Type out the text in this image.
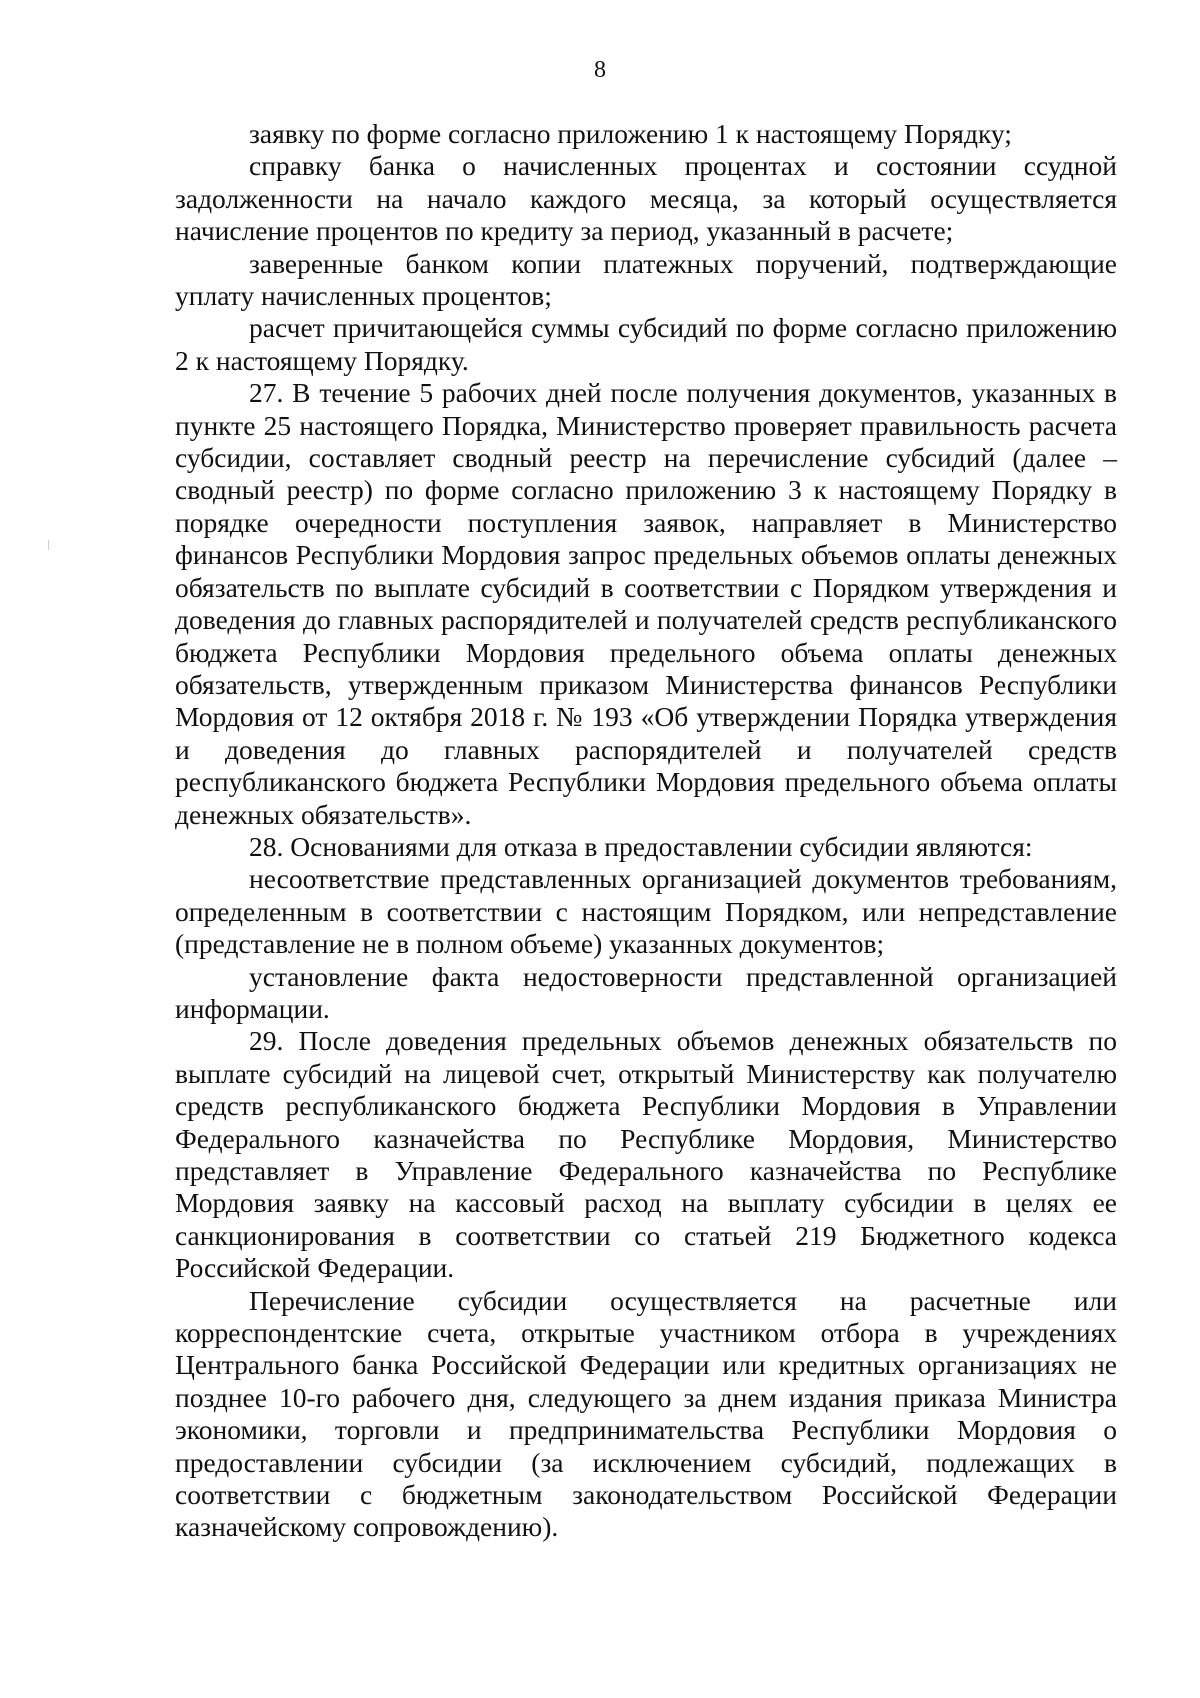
8

заявку по форме согласно приложению 1 к настоящему Порядку;

справку банка о начисленных процентах и состоянии ссудной задолженности на начало каждого месяца, за который осуществляется начисление процентов по кредиту за период, указанный в расчете;

заверенные банком копии платежных поручений, подтверждающие уплату начисленных процентов;

расчет причитающейся суммы субсидий по форме согласно приложению 2 к настоящему Порядку.

27. В течение 5 рабочих дней после получения документов, указанных в пункте 25 настоящего Порядка, Министерство проверяет правильность расчета субсидии, составляет сводный реестр на перечисление субсидий (далее – сводный реестр) по форме согласно приложению 3 к настоящему Порядку в порядке очередности поступления заявок, направляет в Министерство финансов Республики Мордовия запрос предельных объемов оплаты денежных обязательств по выплате субсидий в соответствии с Порядком утверждения и доведения до главных распорядителей и получателей средств республиканского бюджета Республики Мордовия предельного объема оплаты денежных обязательств, утвержденным приказом Министерства финансов Республики Мордовия от 12 октября 2018 г. № 193 «Об утверждении Порядка утверждения и доведения до главных распорядителей и получателей средств республиканского бюджета Республики Мордовия предельного объема оплаты денежных обязательств».

28. Основаниями для отказа в предоставлении субсидии являются:

несоответствие представленных организацией документов требованиям, определенным в соответствии с настоящим Порядком, или непредставление (представление не в полном объеме) указанных документов;

установление факта недостоверности представленной организацией информации.

29. После доведения предельных объемов денежных обязательств по выплате субсидий на лицевой счет, открытый Министерству как получателю средств республиканского бюджета Республики Мордовия в Управлении Федерального казначейства по Республике Мордовия, Министерство представляет в Управление Федерального казначейства по Республике Мордовия заявку на кассовый расход на выплату субсидии в целях ее санкционирования в соответствии со статьей 219 Бюджетного кодекса Российской Федерации.

Перечисление субсидии осуществляется на расчетные или корреспондентские счета, открытые участником отбора в учреждениях Центрального банка Российской Федерации или кредитных организациях не позднее 10-го рабочего дня, следующего за днем издания приказа Министра экономики, торговли и предпринимательства Республики Мордовия о предоставлении субсидии (за исключением субсидий, подлежащих в соответствии с бюджетным законодательством Российской Федерации казначейскому сопровождению).
